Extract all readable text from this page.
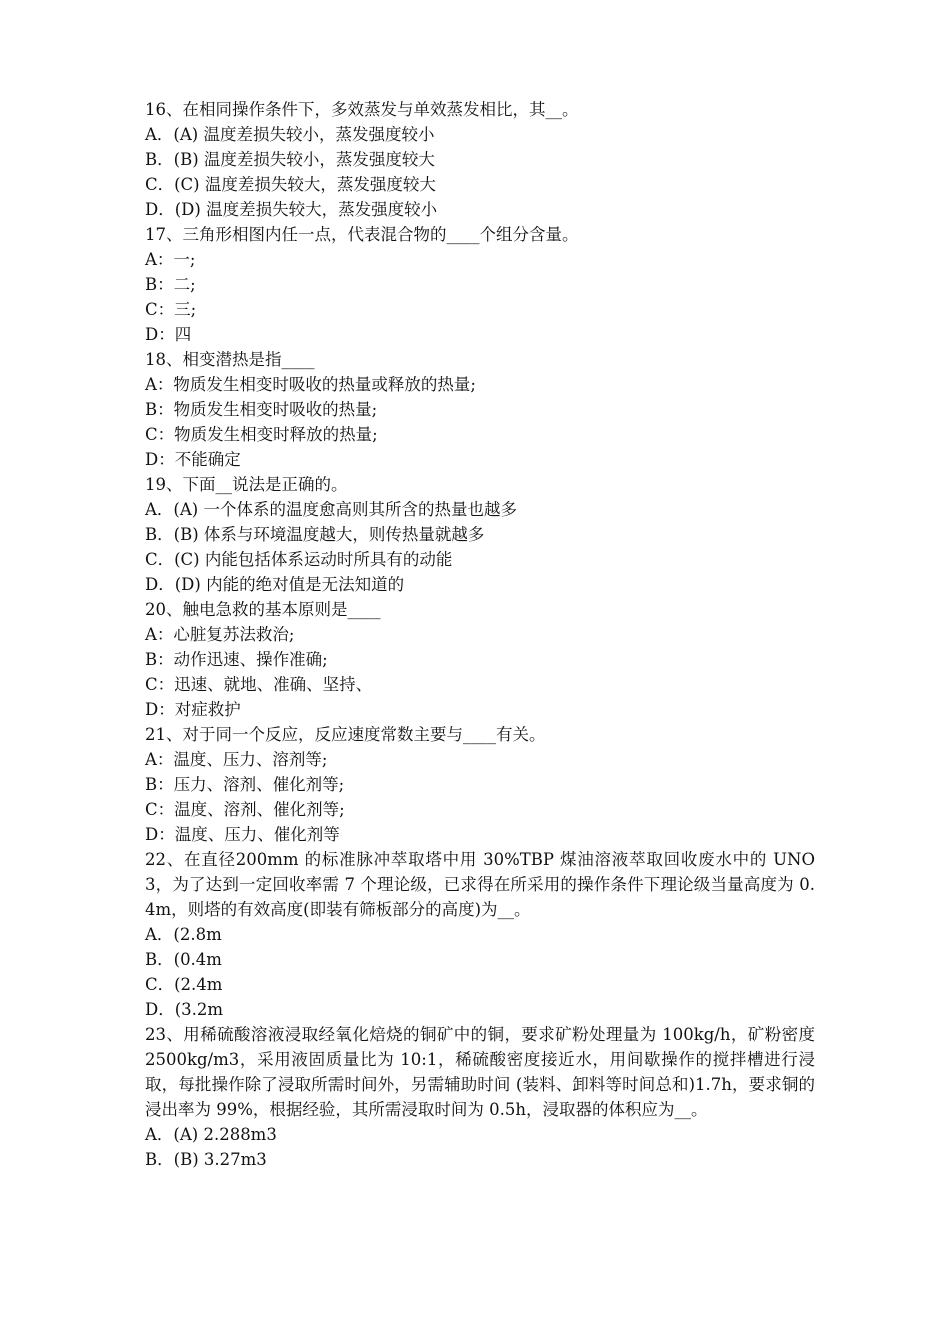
16、在相同操作条件下，多效蒸发与单效蒸发相比，其__。

A．(A) 温度差损失较小，蒸发强度较小

B．(B) 温度差损失较小，蒸发强度较大

C．(C) 温度差损失较大，蒸发强度较大

D．(D) 温度差损失较大，蒸发强度较小

17、三角形相图内任一点，代表混合物的____个组分含量。

A：一;

B：二;

C：三;

D：四

18、相变潜热是指____

A：物质发生相变时吸收的热量或释放的热量;

B：物质发生相变时吸收的热量;

C：物质发生相变时释放的热量;

D：不能确定

19、下面__说法是正确的。

A．(A) 一个体系的温度愈高则其所含的热量也越多

B．(B) 体系与环境温度越大，则传热量就越多

C．(C) 内能包括体系运动时所具有的动能

D．(D) 内能的绝对值是无法知道的

20、触电急救的基本原则是____

A：心脏复苏法救治;

B：动作迅速、操作准确;

C：迅速、就地、准确、坚持、

D：对症救护

21、对于同一个反应，反应速度常数主要与____有关。

A：温度、压力、溶剂等;

B：压力、溶剂、催化剂等;

C：温度、溶剂、催化剂等;

D：温度、压力、催化剂等

22、在直径200mm 的标准脉冲萃取塔中用 30%TBP 煤油溶液萃取回收废水中的 UNO3，为了达到一定回收率需 7 个理论级，已求得在所采用的操作条件下理论级当量高度为 0.4m，则塔的有效高度(即装有筛板部分的高度)为__。

A．(2.8m

B．(0.4m

C．(2.4m

D．(3.2m

23、用稀硫酸溶液浸取经氧化焙烧的铜矿中的铜，要求矿粉处理量为 100kg/h，矿粉密度 2500kg/m3，采用液固质量比为 10:1，稀硫酸密度接近水，用间歇操作的搅拌槽进行浸取，每批操作除了浸取所需时间外，另需辅助时间 (装料、卸料等时间总和)1.7h，要求铜的浸出率为 99%，根据经验，其所需浸取时间为 0.5h，浸取器的体积应为__。

A．(A) 2.288m3

B．(B) 3.27m3
